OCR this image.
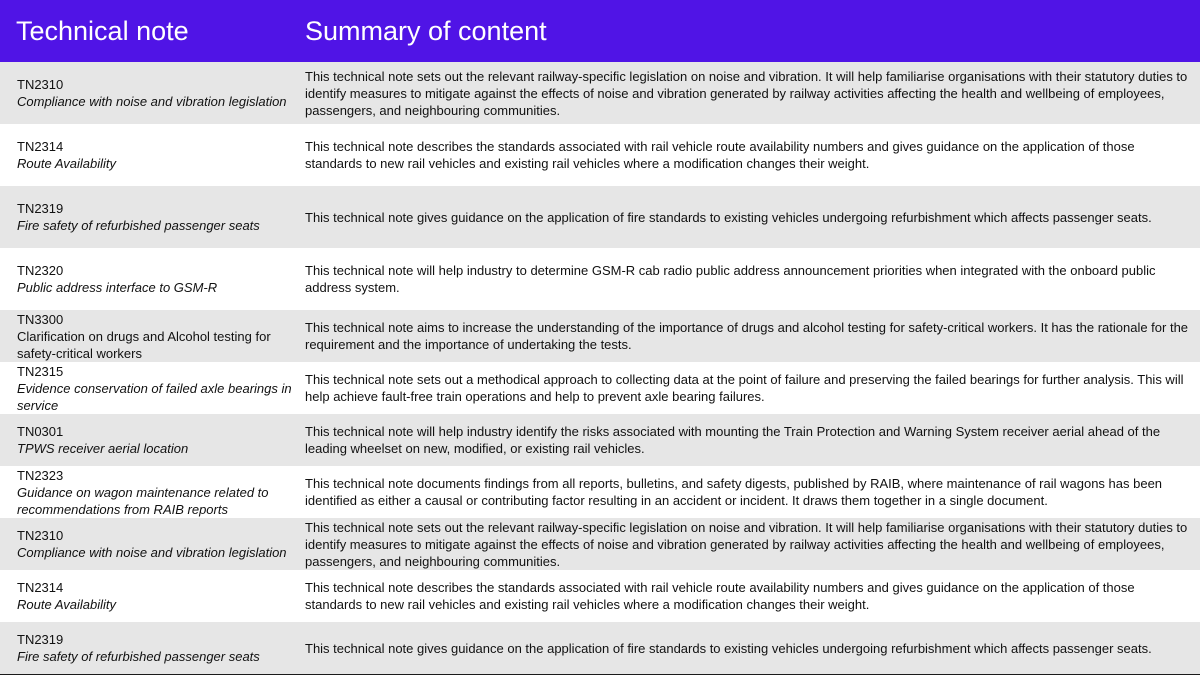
Technical note	Summary of content
TN2310
Compliance with noise and vibration legislation
This technical note sets out the relevant railway-specific legislation on noise and vibration. It will help familiarise organisations with their statutory duties to identify measures to mitigate against the effects of noise and vibration generated by railway activities affecting the health and wellbeing of employees, passengers, and neighbouring communities.
TN2314
Route Availability
This technical note describes the standards associated with rail vehicle route availability numbers and gives guidance on the application of those standards to new rail vehicles and existing rail vehicles where a modification changes their weight.
TN2319
Fire safety of refurbished passenger seats
This technical note gives guidance on the application of fire standards to existing vehicles undergoing refurbishment which affects passenger seats.
TN2320
Public address interface to GSM-R
This technical note will help industry to determine GSM-R cab radio public address announcement priorities when integrated with the onboard public address system.
TN3300
Clarification on drugs and Alcohol testing for safety-critical workers
This technical note aims to increase the understanding of the importance of drugs and alcohol testing for safety-critical workers. It has the rationale for the requirement and the importance of undertaking the tests.
TN2315
Evidence conservation of failed axle bearings in service
This technical note sets out a methodical approach to collecting data at the point of failure and preserving the failed bearings for further analysis. This will help achieve fault-free train operations and help to prevent axle bearing failures.
TN0301
TPWS receiver aerial location
This technical note will help industry identify the risks associated with mounting the Train Protection and Warning System receiver aerial ahead of the leading wheelset on new, modified, or existing rail vehicles.
TN2323
Guidance on wagon maintenance related to recommendations from RAIB reports
This technical note documents findings from all reports, bulletins, and safety digests, published by RAIB, where maintenance of rail wagons has been identified as either a causal or contributing factor resulting in an accident or incident. It draws them together in a single document.
TN2310
Compliance with noise and vibration legislation
This technical note sets out the relevant railway-specific legislation on noise and vibration. It will help familiarise organisations with their statutory duties to identify measures to mitigate against the effects of noise and vibration generated by railway activities affecting the health and wellbeing of employees, passengers, and neighbouring communities.
TN2314
Route Availability
This technical note describes the standards associated with rail vehicle route availability numbers and gives guidance on the application of those standards to new rail vehicles and existing rail vehicles where a modification changes their weight.
TN2319
Fire safety of refurbished passenger seats
This technical note gives guidance on the application of fire standards to existing vehicles undergoing refurbishment which affects passenger seats.
